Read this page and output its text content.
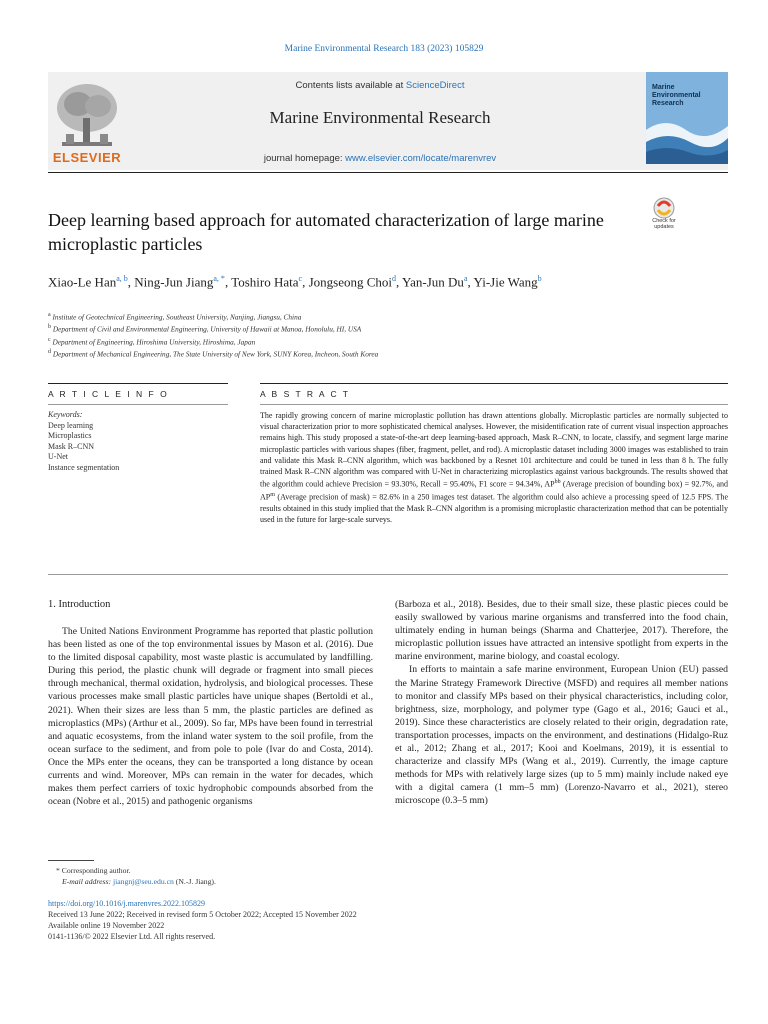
Marine Environmental Research 183 (2023) 105829
ELSEVIER
Contents lists available at ScienceDirect
Marine Environmental Research
journal homepage: www.elsevier.com/locate/marenvrev
Marine Environmental Research
Deep learning based approach for automated characterization of large marine microplastic particles
Check for updates
Xiao-Le Han$^{a, b}$, Ning-Jun Jiang$^{a, *}$, Toshiro Hata$^c$, Jongseong Choi$^d$, Yan-Jun Du$^a$, Yi-Jie Wang$^b$
$^a$ Institute of Geotechnical Engineering, Southeast University, Nanjing, Jiangsu, China
$^b$ Department of Civil and Environmental Engineering, University of Hawaii at Manoa, Honolulu, HI, USA
$^c$ Department of Engineering, Hiroshima University, Hiroshima, Japan
$^d$ Department of Mechanical Engineering, The State University of New York, SUNY Korea, Incheon, South Korea
A R T I C L E I N F O	A B S T R A C T
Keywords:
Deep learning
Microplastics
Mask R–CNN
U-Net
Instance segmentation
The rapidly growing concern of marine microplastic pollution has drawn attentions globally. Microplastic particles are normally subjected to visual characterization prior to more sophisticated chemical analyses. However, the misidentification rate of current visual inspection approaches remains high. This study proposed a state-of-the-art deep learning-based approach, Mask R–CNN, to locate, classify, and segment large marine microplastic particles with various shapes (fiber, fragment, pellet, and rod). A microplastic dataset including 3000 images was established to train and validate this Mask R–CNN algorithm, which was backboned by a Resnet 101 architecture and could be tuned in less than 8 h. The fully trained Mask R–CNN algorithm was compared with U-Net in characterizing microplastics against various backgrounds. The results showed that the algorithm could achieve Precision = 93.30%, Recall = 95.40%, F1 score = 94.34%, $AP^{bb}$ (Average precision of bounding box) = 92.7%, and $AP^m$ (Average precision of mask) = 82.6% in a 250 images test dataset. The algorithm could also achieve a processing speed of 12.5 FPS. The results obtained in this study implied that the Mask R–CNN algorithm is a promising microplastic characterization method that can be potentially used in the future for large-scale surveys.
1. Introduction

The United Nations Environment Programme has reported that plastic pollution has been listed as one of the top environmental issues by Mason et al. (2016). Due to the limited disposal capability, most waste plastic is accumulated by landfilling. During this period, the plastic chunk will degrade or fragment into small pieces through mechanical, thermal oxidation, hydrolysis, and biological processes. These various processes make small plastic particles have unique shapes (Bertoldi et al., 2021). When their sizes are less than 5 mm, the plastic particles are defined as microplastics (MPs) (Arthur et al., 2009). So far, MPs have been found in terrestrial and aquatic ecosystems, from the inland water system to the soil profile, from the ocean surface to the sediment, and from pole to pole (Ivar do and Costa, 2014). Once the MPs enter the oceans, they can be transported a long distance by ocean currents and wind. Moreover, MPs can remain in the water for decades, which makes them perfect carriers of toxic hydrophobic compounds absorbed from the ocean (Nobre et al., 2015) and pathogenic organisms

(Barboza et al., 2018). Besides, due to their small size, these plastic pieces could be easily swallowed by various marine organisms and transferred into the food chain, ultimately ending in human beings (Sharma and Chatterjee, 2017). Therefore, the microplastic pollution issues have attracted an intensive spotlight from experts in the marine environment, marine biology, and coastal ecology.

In efforts to maintain a safe marine environment, European Union (EU) passed the Marine Strategy Framework Directive (MSFD) and requires all member nations to monitor and classify MPs based on their physical characteristics, including color, brightness, size, morphology, and polymer type (Gago et al., 2016; Gauci et al., 2019). Since these characteristics are closely related to their origin, degradation rate, transportation processes, impacts on the environment, and destinations (Hidalgo-Ruz et al., 2012; Zhang et al., 2017; Kooi and Koelmans, 2019), it is essential to characterize and classify MPs (Wang et al., 2019). Currently, the image capture methods for MPs with relatively large sizes (up to 5 mm) mainly include naked eye with a digital camera (1 mm–5 mm) (Lorenzo-Navarro et al., 2021), stereo microscope (0.3–5 mm)

* Corresponding author.
E-mail address: jiangnj@seu.edu.cn (N.-J. Jiang).
https://doi.org/10.1016/j.marenvres.2022.105829
Received 13 June 2022; Received in revised form 5 October 2022; Accepted 15 November 2022
Available online 19 November 2022
0141-1136/© 2022 Elsevier Ltd. All rights reserved.
